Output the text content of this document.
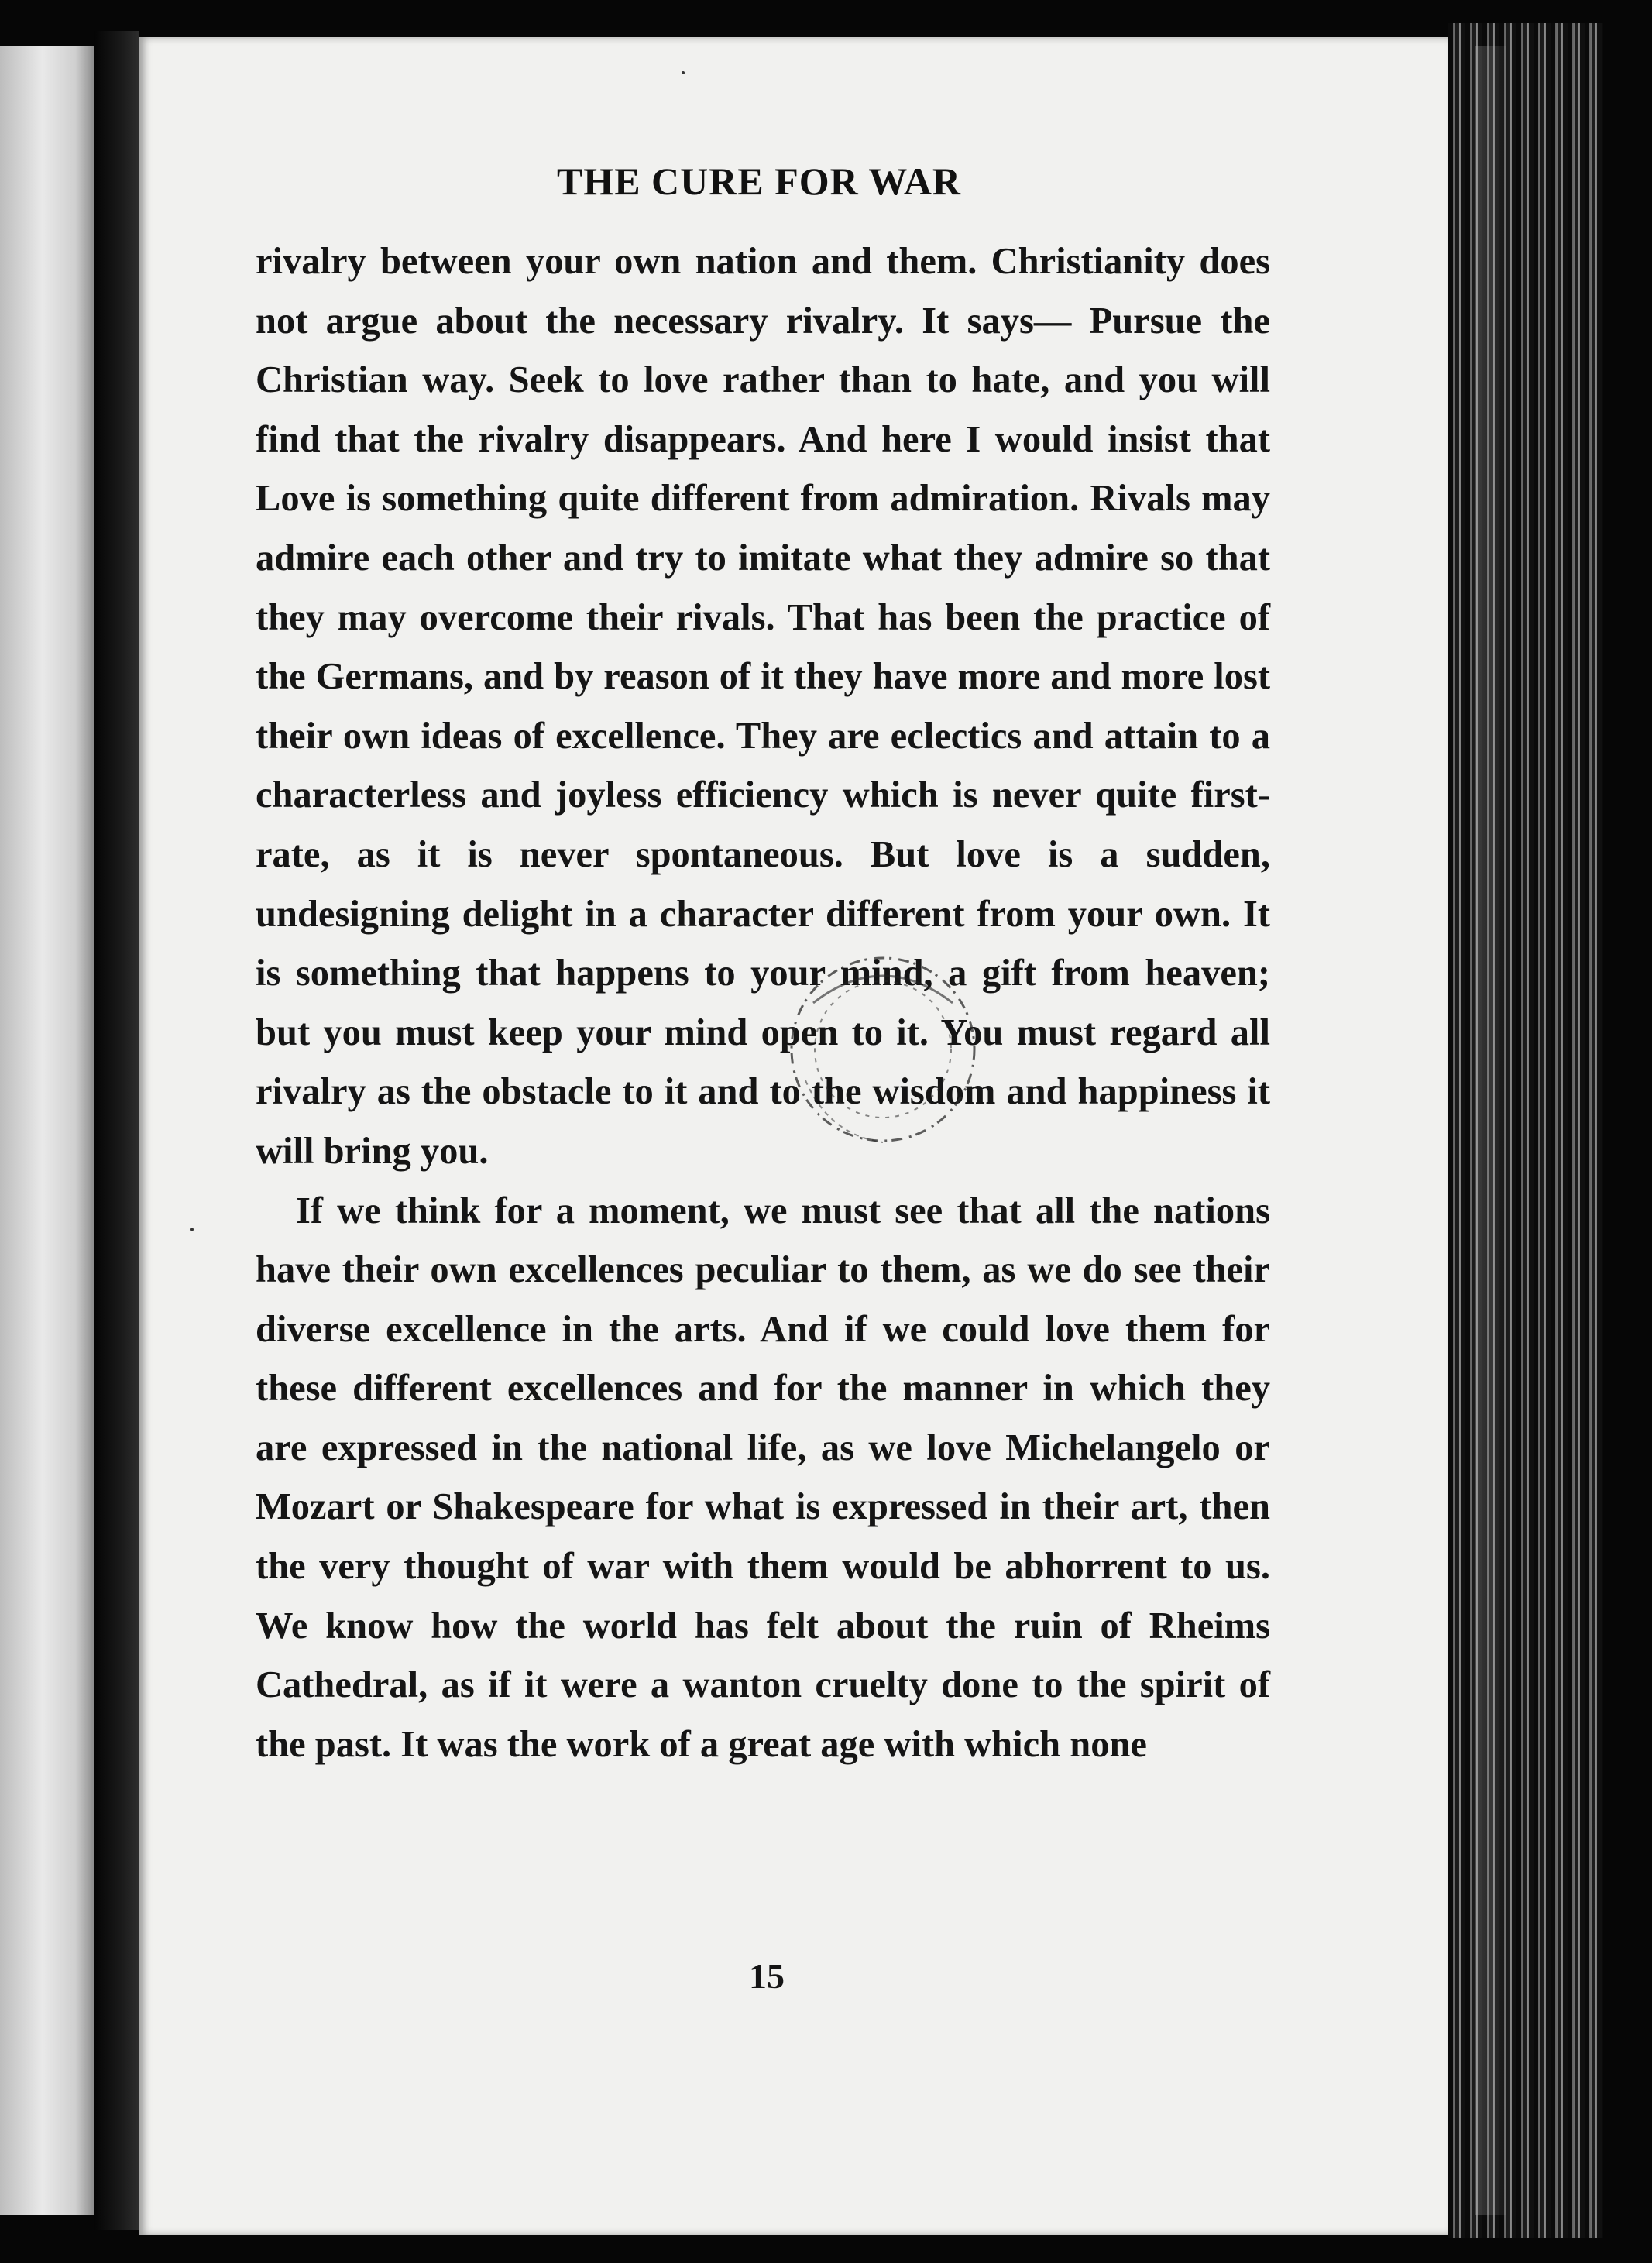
THE CURE FOR WAR

rivalry between your own nation and them. Christianity does not argue about the necessary rivalry. It says— Pursue the Christian way. Seek to love rather than to hate, and you will find that the rivalry disappears. And here I would insist that Love is something quite different from admiration. Rivals may admire each other and try to imitate what they admire so that they may overcome their rivals. That has been the practice of the Germans, and by reason of it they have more and more lost their own ideas of excellence. They are eclectics and attain to a characterless and joyless efficiency which is never quite first-rate, as it is never spontaneous. But love is a sudden, undesigning delight in a character different from your own. It is something that happens to your mind, a gift from heaven; but you must keep your mind open to it. You must regard all rivalry as the obstacle to it and to the wisdom and happiness it will bring you.

If we think for a moment, we must see that all the nations have their own excellences peculiar to them, as we do see their diverse excellence in the arts. And if we could love them for these different excellences and for the manner in which they are expressed in the national life, as we love Michelangelo or Mozart or Shakespeare for what is expressed in their art, then the very thought of war with them would be abhorrent to us. We know how the world has felt about the ruin of Rheims Cathedral, as if it were a wanton cruelty done to the spirit of the past. It was the work of a great age with which none

15
